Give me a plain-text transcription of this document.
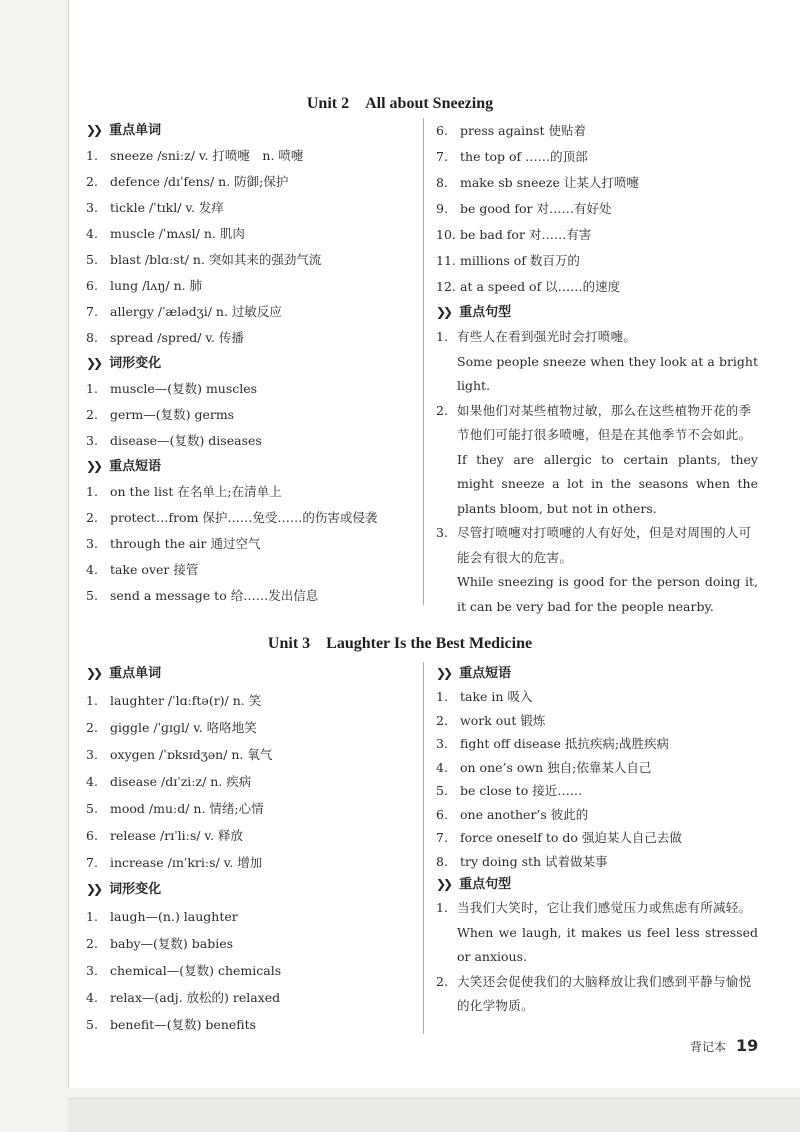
Unit 2　All about Sneezing
❯❯ 重点单词
1. sneeze /sniːz/ v. 打喷嚏　n. 喷嚏
2. defence /dɪˈfens/ n. 防御;保护
3. tickle /ˈtɪkl/ v. 发痒
4. muscle /ˈmʌsl/ n. 肌肉
5. blast /blɑːst/ n. 突如其来的强劲气流
6. lung /lʌŋ/ n. 肺
7. allergy /ˈælədʒi/ n. 过敏反应
8. spread /spred/ v. 传播
❯❯ 词形变化
1. muscle—(复数) muscles
2. germ—(复数) germs
3. disease—(复数) diseases
❯❯ 重点短语
1. on the list 在名单上;在清单上
2. protect…from 保护……免受……的伤害或侵袭
3. through the air 通过空气
4. take over 接管
5. send a message to 给……发出信息
6. press against 使贴着
7. the top of ……的顶部
8. make sb sneeze 让某人打喷嚏
9. be good for 对……有好处
10. be bad for 对……有害
11. millions of 数百万的
12. at a speed of 以……的速度
❯❯ 重点句型
1. 有些人在看到强光时会打喷嚏。
Some people sneeze when they look at a bright light.
2. 如果他们对某些植物过敏，那么在这些植物开花的季节他们可能打很多喷嚏，但是在其他季节不会如此。
If they are allergic to certain plants, they might sneeze a lot in the seasons when the plants bloom, but not in others.
3. 尽管打喷嚏对打喷嚏的人有好处，但是对周围的人可能会有很大的危害。
While sneezing is good for the person doing it, it can be very bad for the people nearby.
Unit 3　Laughter Is the Best Medicine
❯❯ 重点单词
1. laughter /ˈlɑːftə(r)/ n. 笑
2. giggle /ˈɡɪɡl/ v. 咯咯地笑
3. oxygen /ˈɒksɪdʒən/ n. 氧气
4. disease /dɪˈziːz/ n. 疾病
5. mood /muːd/ n. 情绪;心情
6. release /rɪˈliːs/ v. 释放
7. increase /ɪnˈkriːs/ v. 增加
❯❯ 词形变化
1. laugh—(n.) laughter
2. baby—(复数) babies
3. chemical—(复数) chemicals
4. relax—(adj. 放松的) relaxed
5. benefit—(复数) benefits
❯❯ 重点短语
1. take in 吸入
2. work out 锻炼
3. fight off disease 抵抗疾病;战胜疾病
4. on one’s own 独自;依靠某人自己
5. be close to 接近……
6. one another’s 彼此的
7. force oneself to do 强迫某人自己去做
8. try doing sth 试着做某事
❯❯ 重点句型
1. 当我们大笑时，它让我们感觉压力或焦虑有所减轻。
When we laugh, it makes us feel less stressed or anxious.
2. 大笑还会促使我们的大脑释放让我们感到平静与愉悦的化学物质。
背记本 19
